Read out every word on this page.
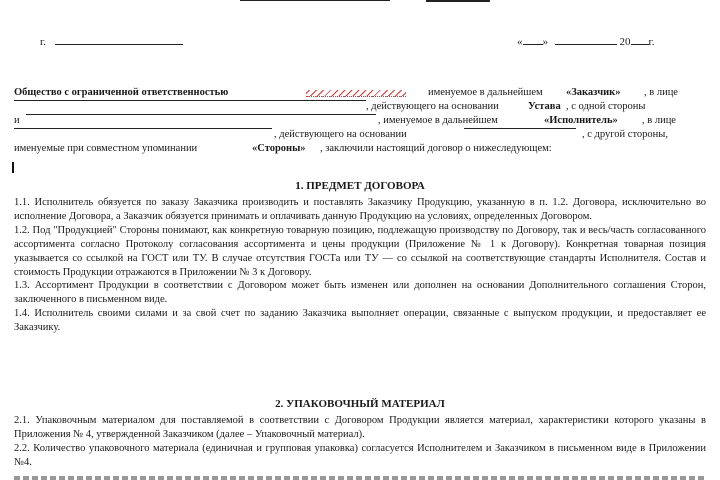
г.	« »	20 г.
Общество с ограниченной ответственностью	именуемое в дальнейшем «Заказчик» , в лице
, действующего на основании	Устава , с одной стороны
и	, именуемое в дальнейшем	«Исполнитель» , в лице
, действующего на основании	, с другой стороны,
именуемые при совместном упоминании	«Стороны» , заключили настоящий договор о нижеследующем:
1. ПРЕДМЕТ ДОГОВОРА

1.1. Исполнитель обязуется по заказу Заказчика производить и поставлять Заказчику Продукцию, указанную в п. 1.2. Договора, исключительно во исполнение Договора, а Заказчик обязуется принимать и оплачивать данную Продукцию на условиях, определенных Договором.

1.2. Под "Продукцией" Стороны понимают, как конкретную товарную позицию, подлежащую производству по Договору, так и весь/часть согласованного ассортимента согласно Протоколу согласования ассортимента и цены продукции (Приложение № 1 к Договору). Конкретная товарная позиция указывается со ссылкой на ГОСТ или ТУ. В случае отсутствия ГОСТа или ТУ — со ссылкой на соответствующие стандарты Исполнителя. Состав и стоимость Продукции отражаются в Приложении № 3 к Договору.

1.3. Ассортимент Продукции в соответствии с Договором может быть изменен или дополнен на основании Дополнительного соглашения Сторон, заключенного в письменном виде.

1.4. Исполнитель своими силами и за свой счет по заданию Заказчика выполняет операции, связанные с выпуском продукции, и предоставляет ее Заказчику.

2. УПАКОВОЧНЫЙ МАТЕРИАЛ

2.1. Упаковочным материалом для поставляемой в соответствии с Договором Продукции является материал, характеристики которого указаны в Приложения № 4, утвержденной Заказчиком (далее – Упаковочный материал).

2.2. Количество упаковочного материала (единичная и групповая упаковка) согласуется Исполнителем и Заказчиком в письменном виде в Приложении №4.
